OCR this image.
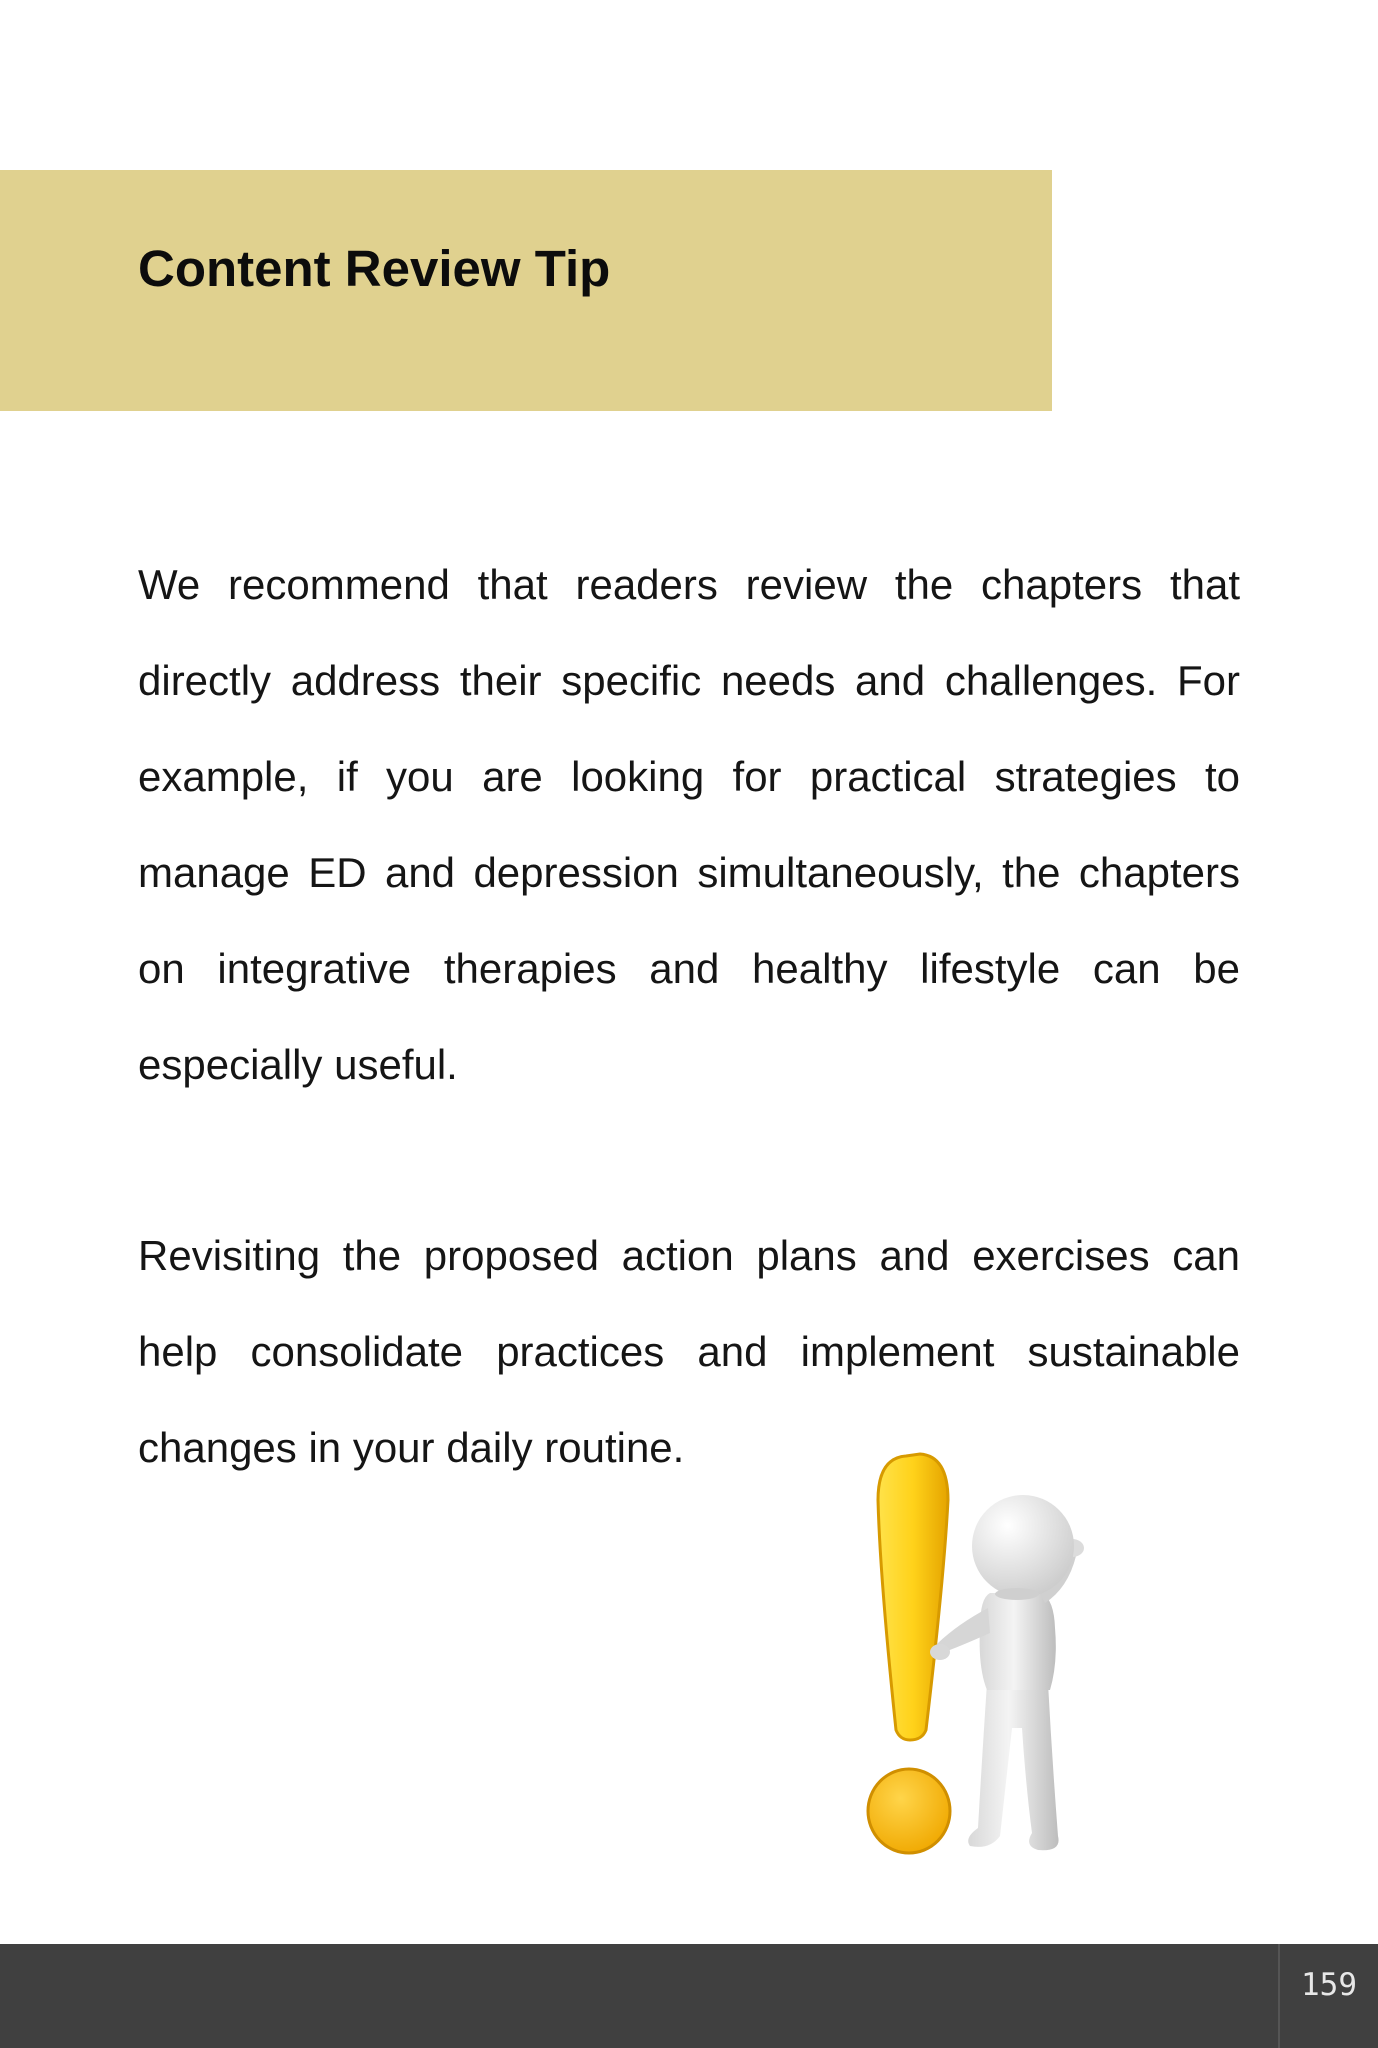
Content Review Tip

We recommend that readers review the chapters that directly address their specific needs and challenges. For example, if you are looking for practical strategies to manage ED and depression simultaneously, the chapters on integrative therapies and healthy lifestyle can be especially useful.

Revisiting the proposed action plans and exercises can help consolidate practices and implement sustainable changes in your daily routine.

159
